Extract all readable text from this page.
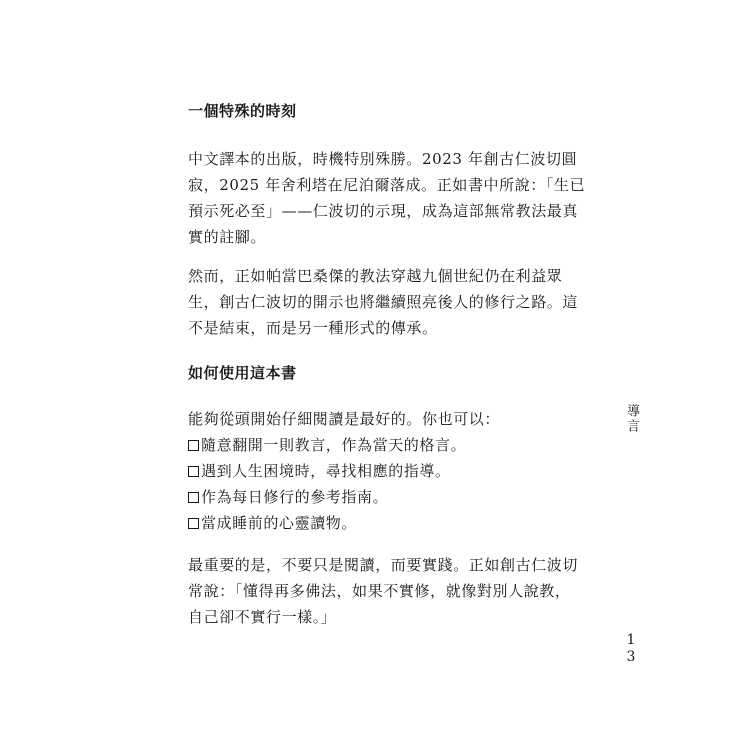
一個特殊的時刻

中文譯本的出版，時機特別殊勝。2023 年創古仁波切圓
寂，2025 年舍利塔在尼泊爾落成。正如書中所說：「生已
預示死必至」——仁波切的示現，成為這部無常教法最真
實的註腳。

然而，正如帕當巴桑傑的教法穿越九個世紀仍在利益眾
生，創古仁波切的開示也將繼續照亮後人的修行之路。這
不是結束，而是另一種形式的傳承。

如何使用這本書

能夠從頭開始仔細閱讀是最好的。你也可以：

隨意翻開一則教言，作為當天的格言。
遇到人生困境時，尋找相應的指導。
作為每日修行的參考指南。
當成睡前的心靈讀物。

最重要的是，不要只是閱讀，而要實踐。正如創古仁波切
常說：「懂得再多佛法，如果不實修，就像對別人說教，
自己卻不實行一樣。」

導言
1
3
